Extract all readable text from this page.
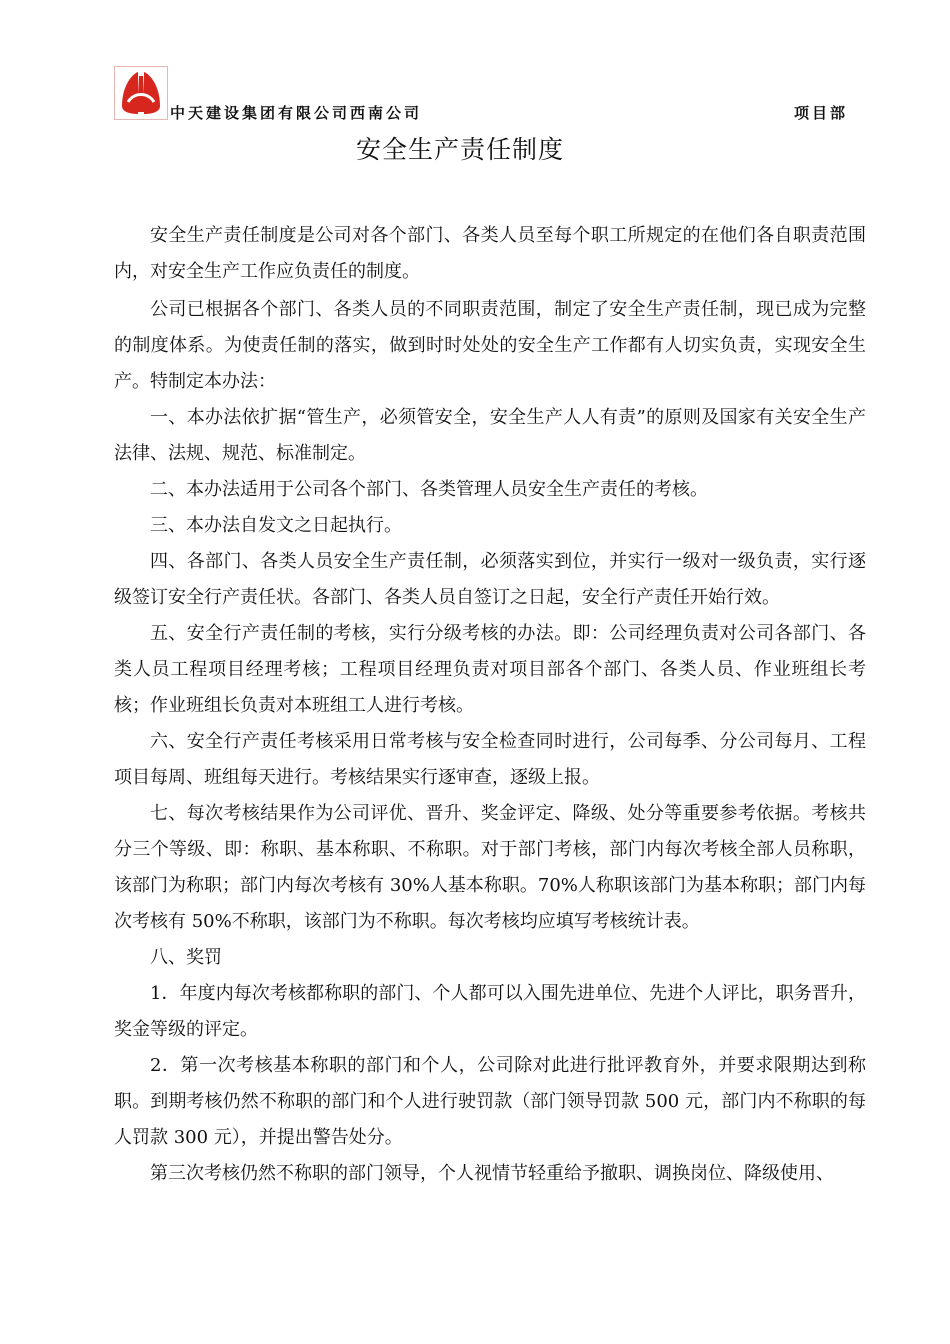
中天建设集团有限公司西南公司	项目部
安全生产责任制度

安全生产责任制度是公司对各个部门、各类人员至每个职工所规定的在他们各自职责范围内，对安全生产工作应负责任的制度。

公司已根据各个部门、各类人员的不同职责范围，制定了安全生产责任制，现已成为完整的制度体系。为使责任制的落实，做到时时处处的安全生产工作都有人切实负责，实现安全生产。特制定本办法：

一、本办法依扩据“管生产，必须管安全，安全生产人人有责”的原则及国家有关安全生产法律、法规、规范、标准制定。

二、本办法适用于公司各个部门、各类管理人员安全生产责任的考核。

三、本办法自发文之日起执行。

四、各部门、各类人员安全生产责任制，必须落实到位，并实行一级对一级负责，实行逐级签订安全行产责任状。各部门、各类人员自签订之日起，安全行产责任开始行效。

五、安全行产责任制的考核，实行分级考核的办法。即：公司经理负责对公司各部门、各类人员工程项目经理考核；工程项目经理负责对项目部各个部门、各类人员、作业班组长考核；作业班组长负责对本班组工人进行考核。

六、安全行产责任考核采用日常考核与安全检查同时进行，公司每季、分公司每月、工程项目每周、班组每天进行。考核结果实行逐审查，逐级上报。

七、每次考核结果作为公司评优、晋升、奖金评定、降级、处分等重要参考依据。考核共分三个等级、即：称职、基本称职、不称职。对于部门考核，部门内每次考核全部人员称职，该部门为称职；部门内每次考核有 30%人基本称职。70%人称职该部门为基本称职；部门内每次考核有 50%不称职，该部门为不称职。每次考核均应填写考核统计表。

八、奖罚

1．年度内每次考核都称职的部门、个人都可以入围先进单位、先进个人评比，职务晋升，奖金等级的评定。

2．第一次考核基本称职的部门和个人，公司除对此进行批评教育外，并要求限期达到称职。到期考核仍然不称职的部门和个人进行驶罚款（部门领导罚款 500 元，部门内不称职的每人罚款 300 元），并提出警告处分。

第三次考核仍然不称职的部门领导，个人视情节轻重给予撤职、调换岗位、降级使用、
